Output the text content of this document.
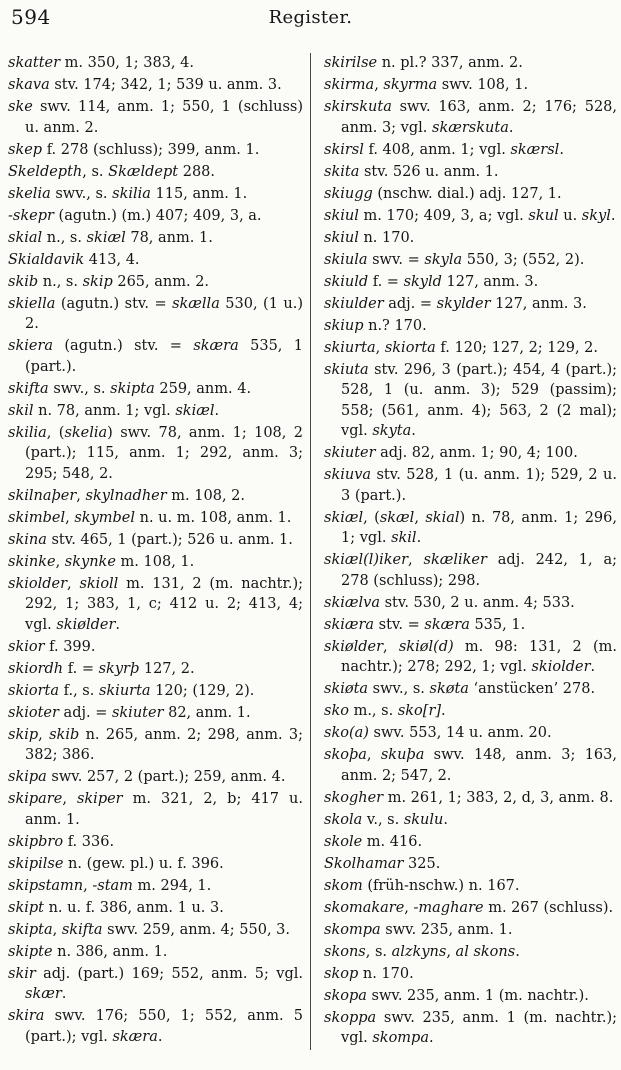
594	Register.

skatter m. 350, 1; 383, 4.

skava stv. 174; 342, 1; 539 u. anm. 3.

ske swv. 114, anm. 1; 550, 1 (schluss) u. anm. 2.

skep f. 278 (schluss); 399, anm. 1.

Skeldepth, s. Skældept 288.

skelia swv., s. skilia 115, anm. 1.

-skepr (agutn.) (m.) 407; 409, 3, a.

skial n., s. skiæl 78, anm. 1.

Skialdavik 413, 4.

skib n., s. skip 265, anm. 2.

skiella (agutn.) stv. = skælla 530, (1 u.) 2.

skiera (agutn.) stv. = skæra 535, 1 (part.).

skifta swv., s. skipta 259, anm. 4.

skil n. 78, anm. 1; vgl. skiæl.

skilia, (skelia) swv. 78, anm. 1; 108, 2 (part.); 115, anm. 1; 292, anm. 3; 295; 548, 2.

skilnaþer, skylnadher m. 108, 2.

skimbel, skymbel n. u. m. 108, anm. 1.

skina stv. 465, 1 (part.); 526 u. anm. 1.

skinke, skynke m. 108, 1.

skiolder, skioll m. 131, 2 (m. nachtr.); 292, 1; 383, 1, c; 412 u. 2; 413, 4; vgl. skiølder.

skior f. 399.

skiordh f. = skyrþ 127, 2.

skiorta f., s. skiurta 120; (129, 2).

skioter adj. = skiuter 82, anm. 1.

skip, skib n. 265, anm. 2; 298, anm. 3; 382; 386.

skipa swv. 257, 2 (part.); 259, anm. 4.

skipare, skiper m. 321, 2, b; 417 u. anm. 1.

skipbro f. 336.

skipilse n. (gew. pl.) u. f. 396.

skipstamn, -stam m. 294, 1.

skipt n. u. f. 386, anm. 1 u. 3.

skipta, skifta swv. 259, anm. 4; 550, 3.

skipte n. 386, anm. 1.

skir adj. (part.) 169; 552, anm. 5; vgl. skær.

skira swv. 176; 550, 1; 552, anm. 5 (part.); vgl. skæra.

skirilse n. pl.? 337, anm. 2.

skirma, skyrma swv. 108, 1.

skirskuta swv. 163, anm. 2; 176; 528, anm. 3; vgl. skærskuta.

skirsl f. 408, anm. 1; vgl. skærsl.

skita stv. 526 u. anm. 1.

skiugg (nschw. dial.) adj. 127, 1.

skiul m. 170; 409, 3, a; vgl. skul u. skyl.

skiul n. 170.

skiula swv. = skyla 550, 3; (552, 2).

skiuld f. = skyld 127, anm. 3.

skiulder adj. = skylder 127, anm. 3.

skiup n.? 170.

skiurta, skiorta f. 120; 127, 2; 129, 2.

skiuta stv. 296, 3 (part.); 454, 4 (part.); 528, 1 (u. anm. 3); 529 (passim); 558; (561, anm. 4); 563, 2 (2 mal); vgl. skyta.

skiuter adj. 82, anm. 1; 90, 4; 100.

skiuva stv. 528, 1 (u. anm. 1); 529, 2 u. 3 (part.).

skiæl, (skæl, skial) n. 78, anm. 1; 296, 1; vgl. skil.

skiæl(l)iker, skæliker adj. 242, 1, a; 278 (schluss); 298.

skiælva stv. 530, 2 u. anm. 4; 533.

skiæra stv. = skæra 535, 1.

skiølder, skiøl(d) m. 98: 131, 2 (m. nachtr.); 278; 292, 1; vgl. skiolder.

skiøta swv., s. skøta ‘anstücken’ 278.

sko m., s. sko[r].

sko(a) swv. 553, 14 u. anm. 20.

skoþa, skuþa swv. 148, anm. 3; 163, anm. 2; 547, 2.

skogher m. 261, 1; 383, 2, d, 3, anm. 8.

skola v., s. skulu.

skole m. 416.

Skolhamar 325.

skom (früh-nschw.) n. 167.

skomakare, -maghare m. 267 (schluss).

skompa swv. 235, anm. 1.

skons, s. alzkyns, al skons.

skop n. 170.

skopa swv. 235, anm. 1 (m. nachtr.).

skoppa swv. 235, anm. 1 (m. nachtr.); vgl. skompa.
